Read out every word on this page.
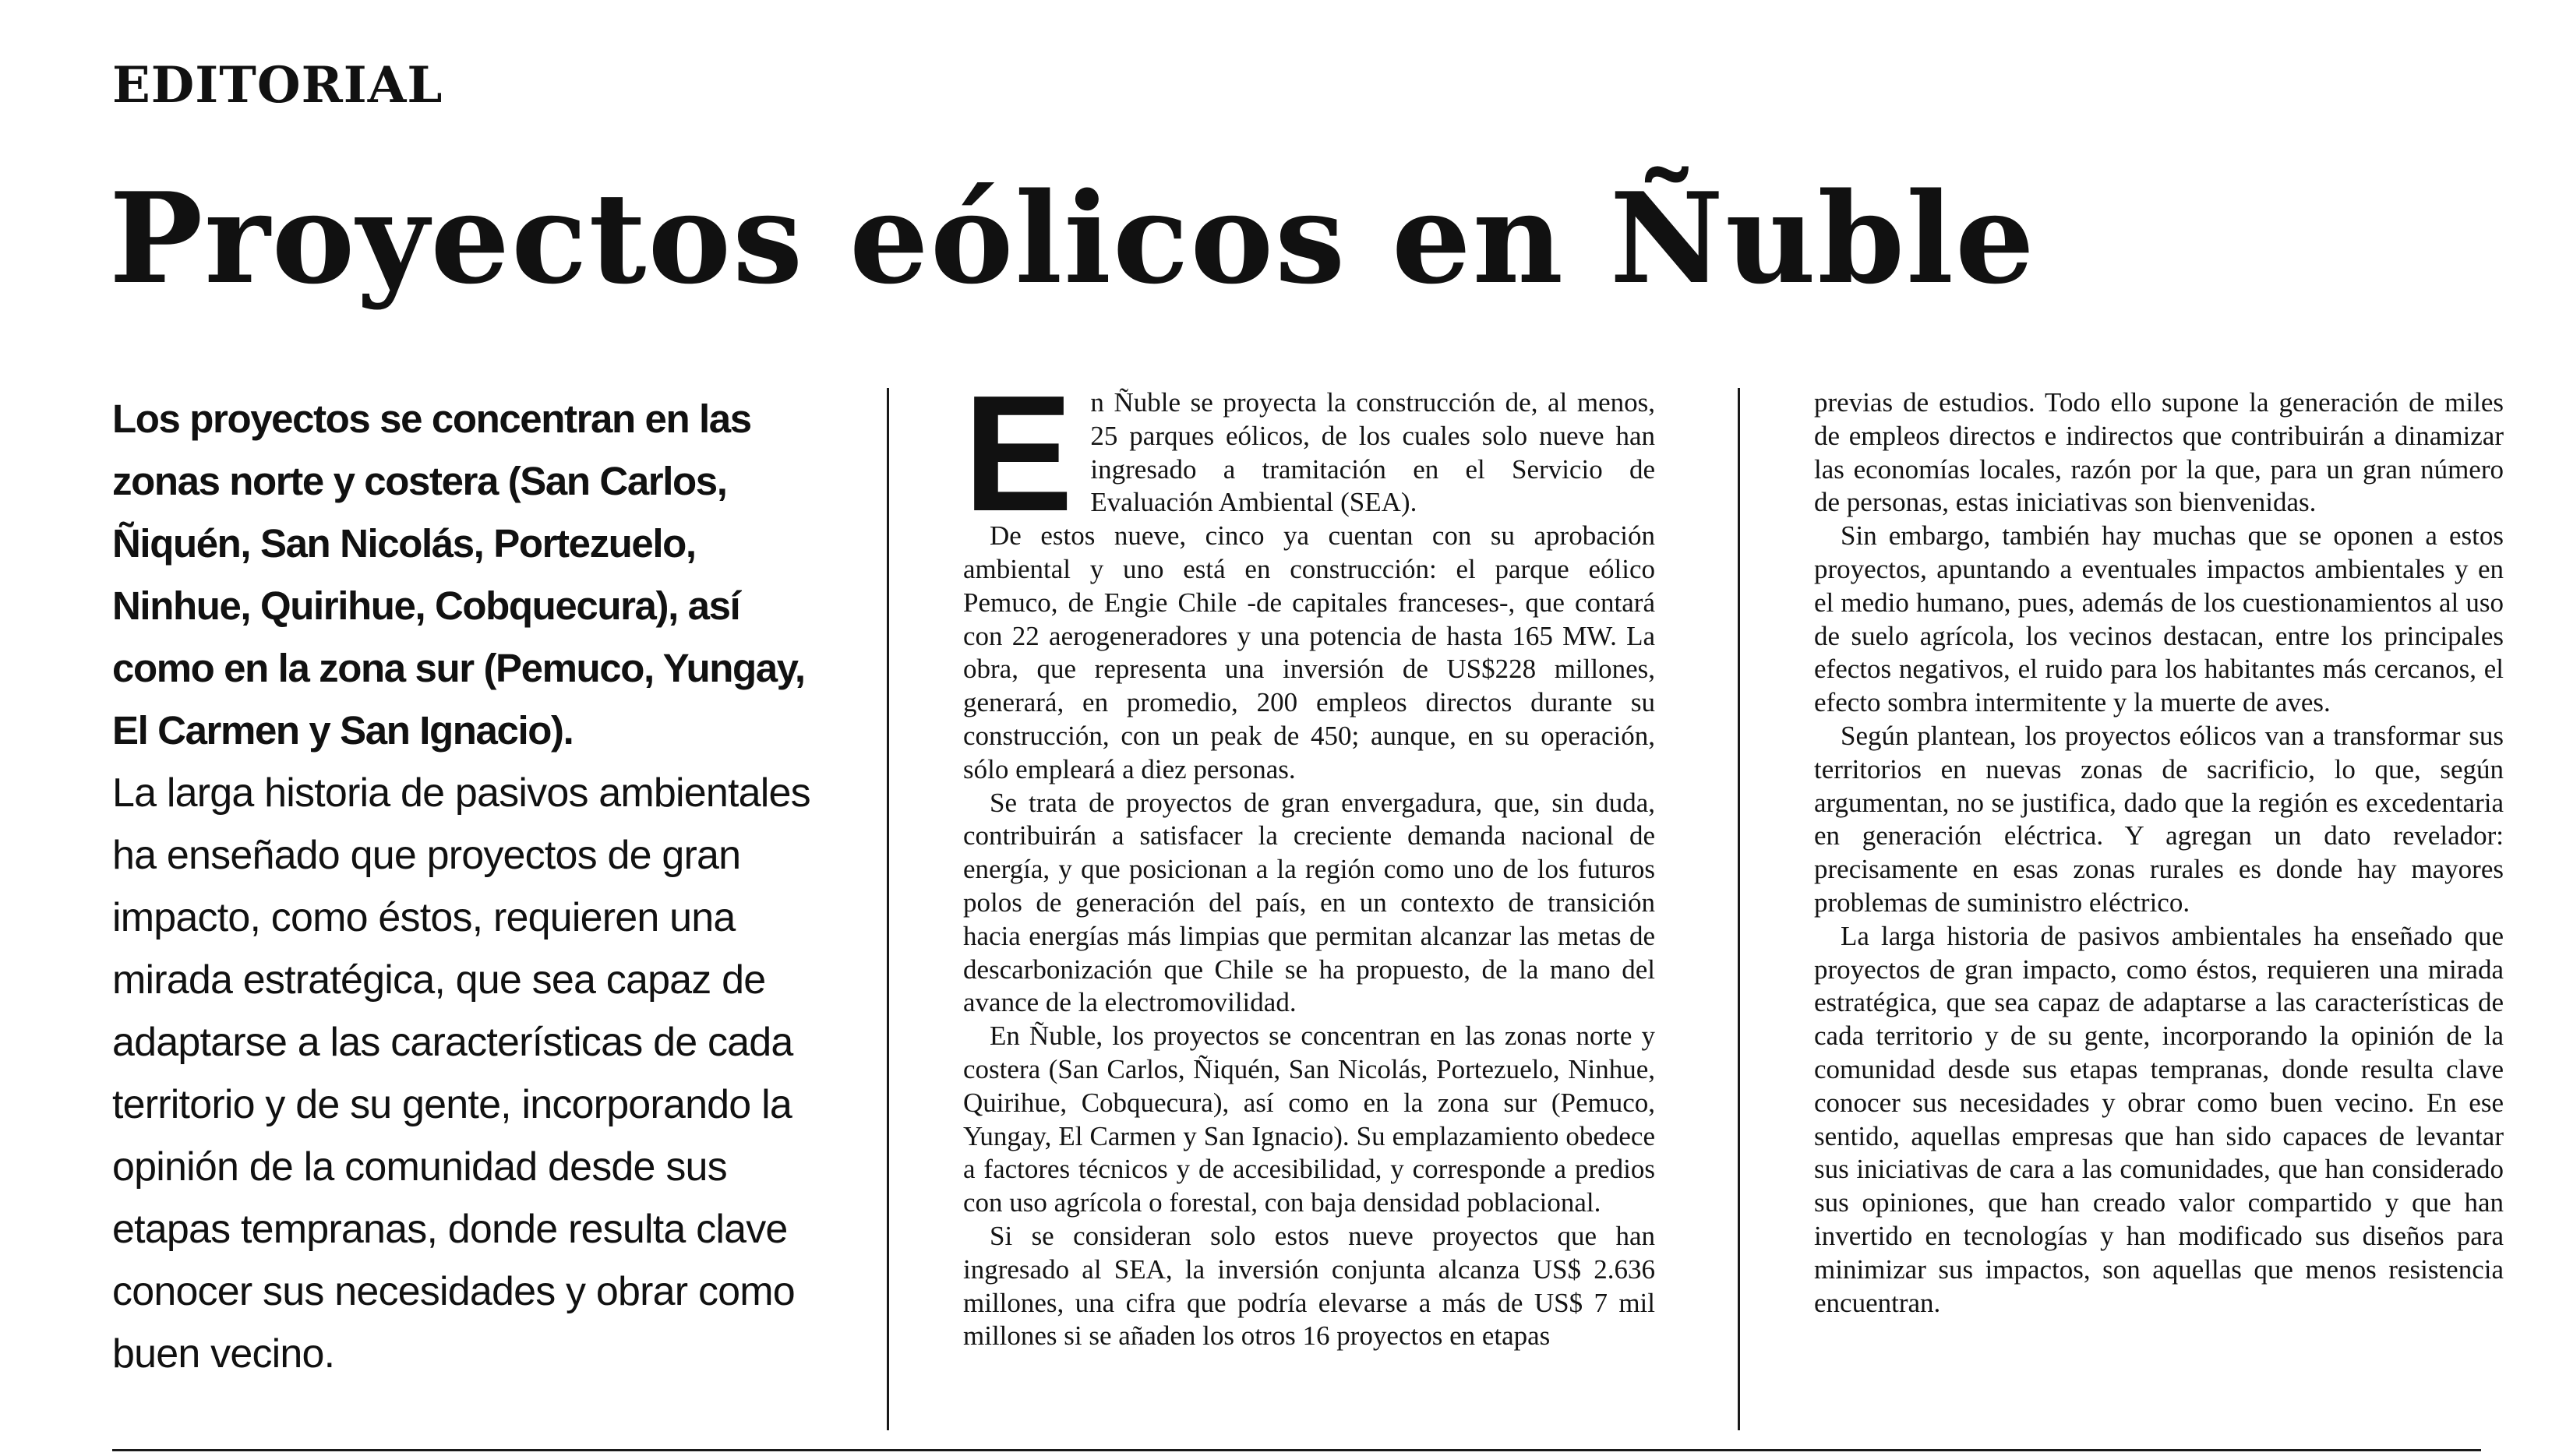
EDITORIAL
Proyectos eólicos en Ñuble

Los proyectos se concentran en las zonas norte y costera (San Carlos, Ñiquén, San Nicolás, Portezuelo, Ninhue, Quirihue, Cobquecura), así como en la zona sur (Pemuco, Yungay, El Carmen y San Ignacio).

La larga historia de pasivos ambientales ha enseñado que proyectos de gran impacto, como éstos, requieren una mirada estratégica, que sea capaz de adaptarse a las características de cada territorio y de su gente, incorporando la opinión de la comunidad desde sus etapas tempranas, donde resulta clave conocer sus necesidades y obrar como buen vecino.

E n Ñuble se proyecta la construcción de, al menos, 25 parques eólicos, de los cuales solo nueve han ingresado a tramitación en el Servicio de Evaluación Ambiental (SEA).

De estos nueve, cinco ya cuentan con su aprobación ambiental y uno está en construcción: el parque eólico Pemuco, de Engie Chile -de capitales franceses-, que contará con 22 aerogeneradores y una potencia de hasta 165 MW. La obra, que representa una inversión de US$228 millones, generará, en promedio, 200 empleos directos durante su construcción, con un peak de 450; aunque, en su operación, sólo empleará a diez personas.

Se trata de proyectos de gran envergadura, que, sin duda, contribuirán a satisfacer la creciente demanda nacional de energía, y que posicionan a la región como uno de los futuros polos de generación del país, en un contexto de transición hacia energías más limpias que permitan alcanzar las metas de descarbonización que Chile se ha propuesto, de la mano del avance de la electromovilidad.

En Ñuble, los proyectos se concentran en las zonas norte y costera (San Carlos, Ñiquén, San Nicolás, Portezuelo, Ninhue, Quirihue, Cobquecura), así como en la zona sur (Pemuco, Yungay, El Carmen y San Ignacio). Su emplazamiento obedece a factores técnicos y de accesibilidad, y corresponde a predios con uso agrícola o forestal, con baja densidad poblacional.

Si se consideran solo estos nueve proyectos que han ingresado al SEA, la inversión conjunta alcanza US$ 2.636 millones, una cifra que podría elevarse a más de US$ 7 mil millones si se añaden los otros 16 proyectos en etapas

previas de estudios. Todo ello supone la generación de miles de empleos directos e indirectos que contribuirán a dinamizar las economías locales, razón por la que, para un gran número de personas, estas iniciativas son bienvenidas.

Sin embargo, también hay muchas que se oponen a estos proyectos, apuntando a eventuales impactos ambientales y en el medio humano, pues, además de los cuestionamientos al uso de suelo agrícola, los vecinos destacan, entre los principales efectos negativos, el ruido para los habitantes más cercanos, el efecto sombra intermitente y la muerte de aves.

Según plantean, los proyectos eólicos van a transformar sus territorios en nuevas zonas de sacrificio, lo que, según argumentan, no se justifica, dado que la región es excedentaria en generación eléctrica. Y agregan un dato revelador: precisamente en esas zonas rurales es donde hay mayores problemas de suministro eléctrico.

La larga historia de pasivos ambientales ha enseñado que proyectos de gran impacto, como éstos, requieren una mirada estratégica, que sea capaz de adaptarse a las características de cada territorio y de su gente, incorporando la opinión de la comunidad desde sus etapas tempranas, donde resulta clave conocer sus necesidades y obrar como buen vecino. En ese sentido, aquellas empresas que han sido capaces de levantar sus iniciativas de cara a las comunidades, que han considerado sus opiniones, que han creado valor compartido y que han invertido en tecnologías y han modificado sus diseños para minimizar sus impactos, son aquellas que menos resistencia encuentran.
